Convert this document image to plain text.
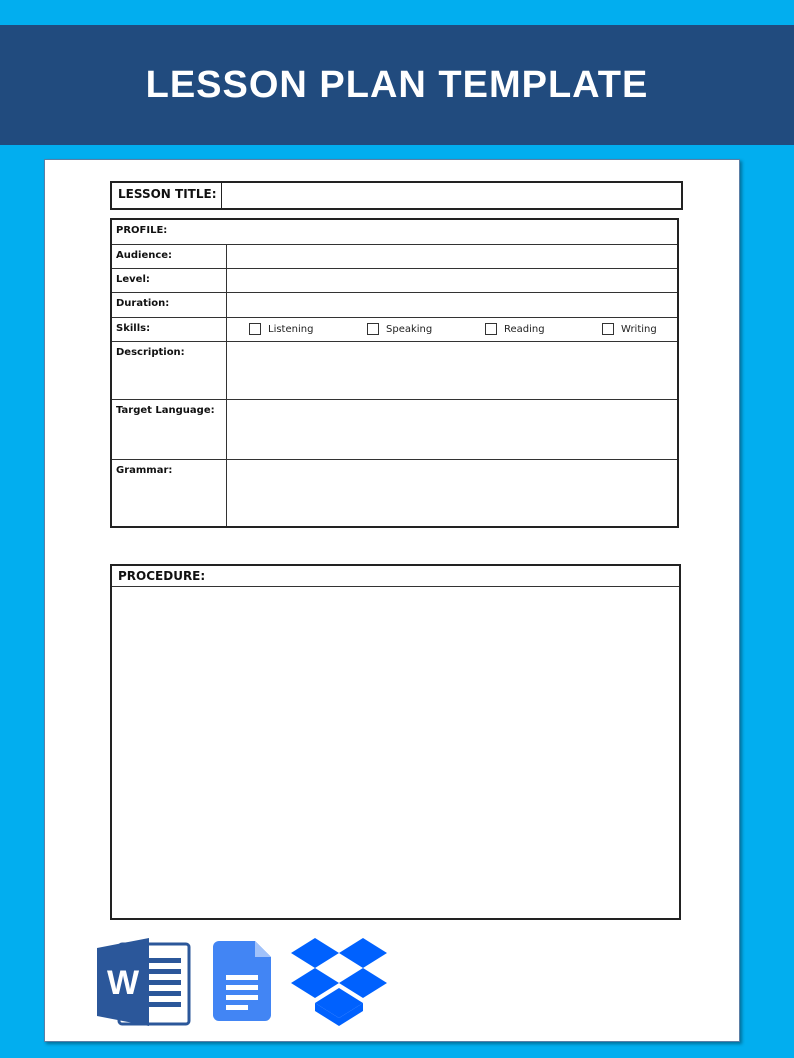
LESSON PLAN TEMPLATE
LESSON TITLE:
PROFILE:
Audience:
Level:
Duration:
Skills:	Listening	Speaking	Reading	Writing
Description:
Target Language:
Grammar:
PROCEDURE:
W
